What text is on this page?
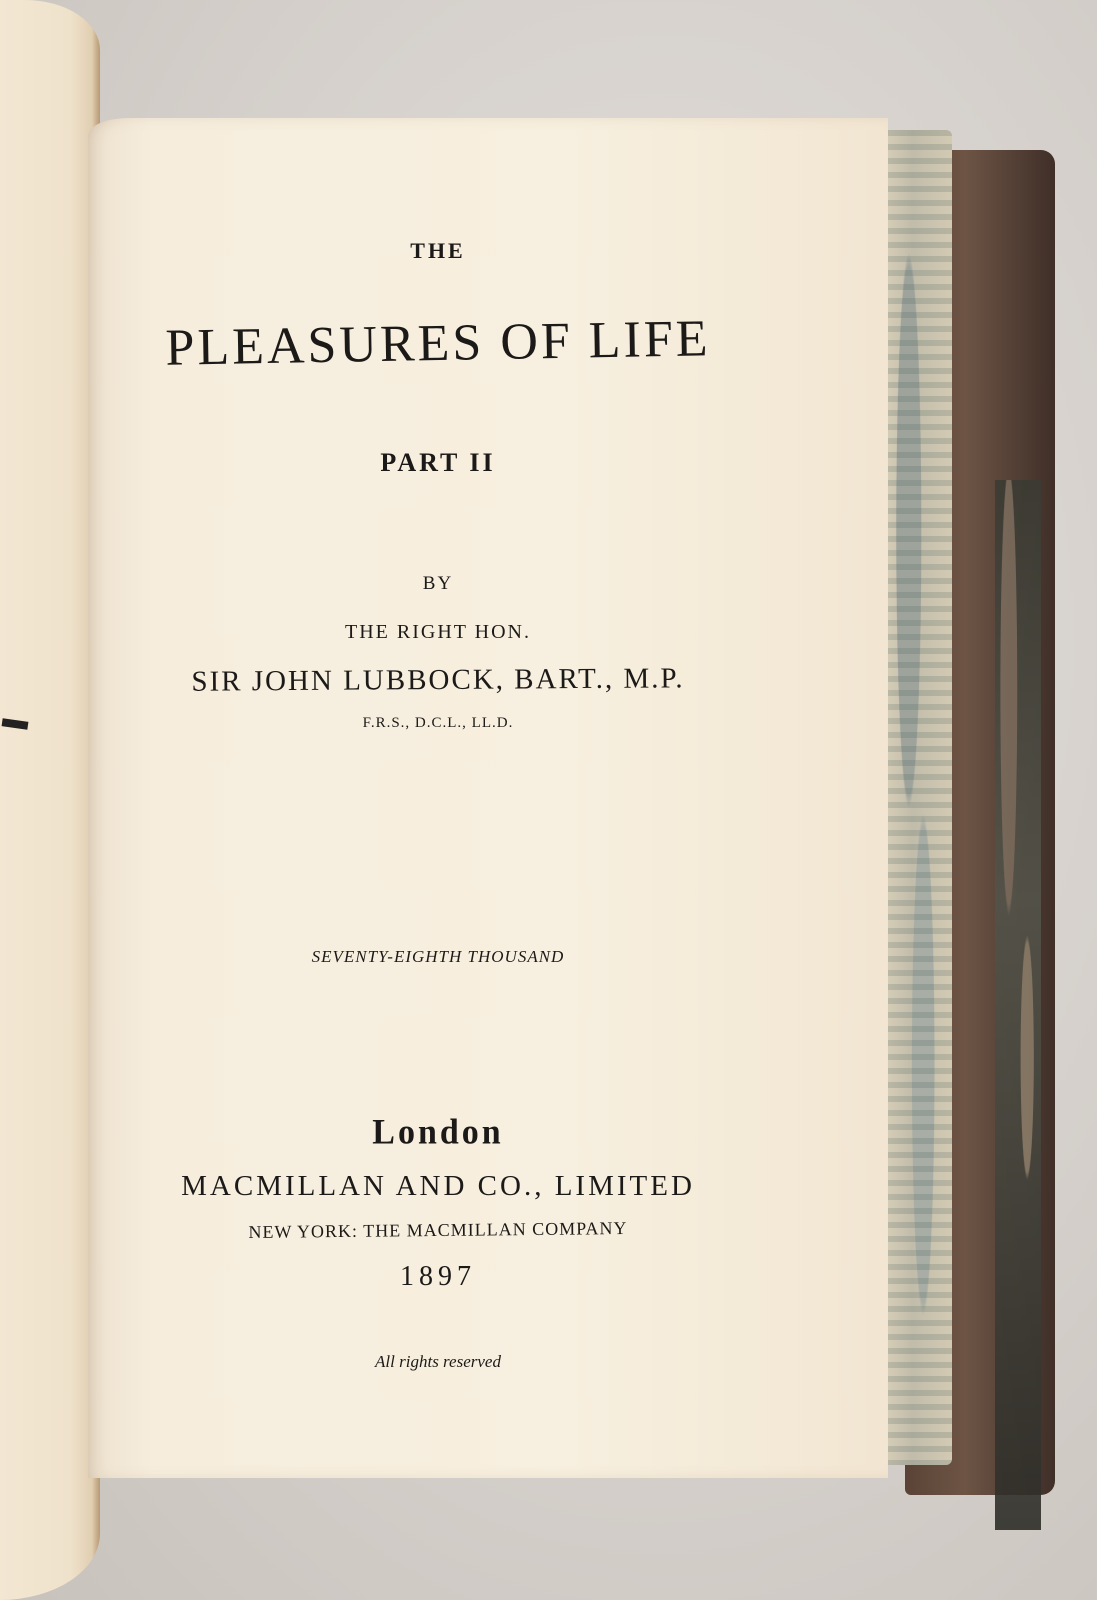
THE
PLEASURES OF LIFE
PART II
BY
THE RIGHT HON.
SIR JOHN LUBBOCK, BART., M.P.
F.R.S., D.C.L., LL.D.
SEVENTY-EIGHTH THOUSAND
London
MACMILLAN AND CO., LIMITED
NEW YORK: THE MACMILLAN COMPANY
1897
All rights reserved
